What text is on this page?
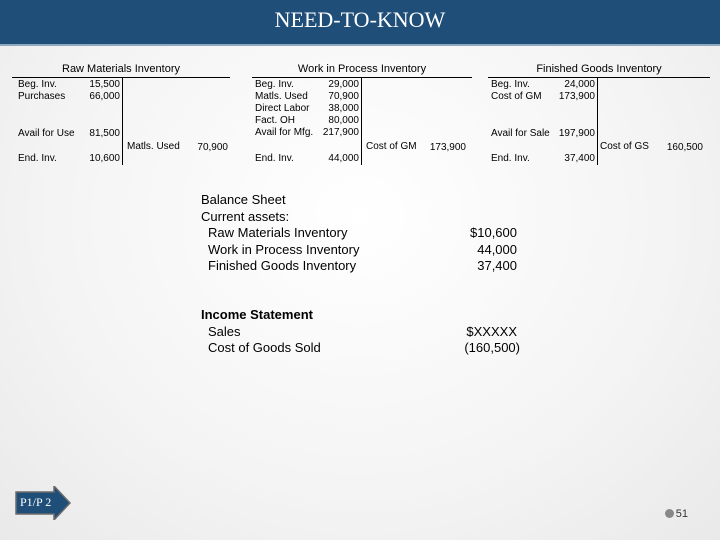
NEED-TO-KNOW
Raw Materials Inventory
Beg. Inv.	15,500
Purchases	66,000
Avail for Use	81,500
Matls. Used	70,900
End. Inv.	10,600
Work in Process Inventory
Beg. Inv.	29,000
Matls. Used	70,900
Direct Labor	38,000
Fact. OH	80,000
Avail for Mfg. 217,900
Cost of GM	173,900
End. Inv.	44,000
Finished Goods Inventory
Beg. Inv.	24,000
Cost of GM	173,900
Avail for Sale 197,900
Cost of GS	160,500
End. Inv.	37,400
Balance Sheet
Current assets:
Raw Materials Inventory	$10,600
Work in Process Inventory	44,000
Finished Goods Inventory	37,400
Income Statement
Sales	$XXXXX
Cost of Goods Sold	(160,500)
P1/P 2
51
